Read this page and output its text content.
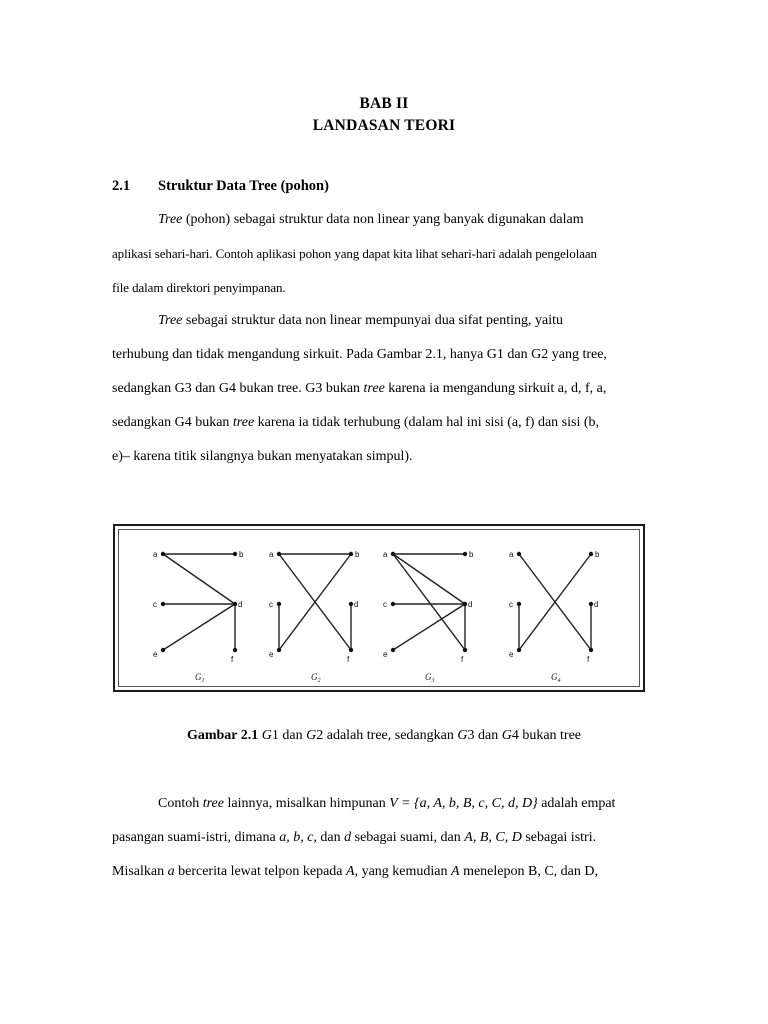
BAB II
LANDASAN TEORI
2.1 Struktur Data Tree (pohon)

Tree (pohon) sebagai struktur data non linear yang banyak digunakan dalam

aplikasi sehari-hari. Contoh aplikasi pohon yang dapat kita lihat sehari-hari adalah pengelolaan

file dalam direktori penyimpanan.

Tree sebagai struktur data non linear mempunyai dua sifat penting, yaitu

terhubung dan tidak mengandung sirkuit. Pada Gambar 2.1, hanya G1 dan G2 yang tree,

sedangkan G3 dan G4 bukan tree. G3 bukan tree karena ia mengandung sirkuit a, d, f, a,

sedangkan G4 bukan tree karena ia tidak terhubung (dalam hal ini sisi (a, f) dan sisi (b,

e)– karena titik silangnya bukan menyatakan simpul).

a	b
c	d
e
f
$G_1$
a	b
c	d
e
f
$G_2$
a	b
c	d
e
f
$G_3$
a	b
c	d
e
f
$G_4$
Gambar 2.1 G1 dan G2 adalah tree, sedangkan G3 dan G4 bukan tree

Contoh tree lainnya, misalkan himpunan V = {a, A, b, B, c, C, d, D} adalah empat

pasangan suami-istri, dimana a, b, c, dan d sebagai suami, dan A, B, C, D sebagai istri.

Misalkan a bercerita lewat telpon kepada A, yang kemudian A menelepon B, C, dan D,
